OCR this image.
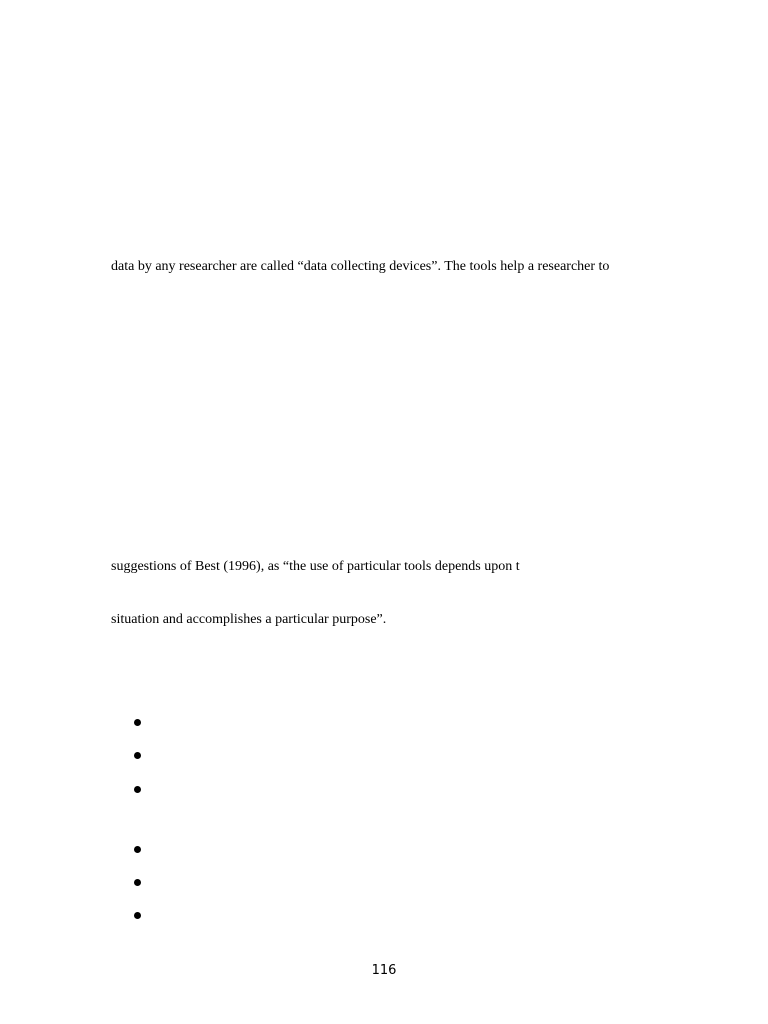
data by any researcher are called “data collecting devices”. The tools help a researcher to

suggestions of Best (1996), as “the use of particular tools depends upon t

situation and accomplishes a particular purpose”.

116
